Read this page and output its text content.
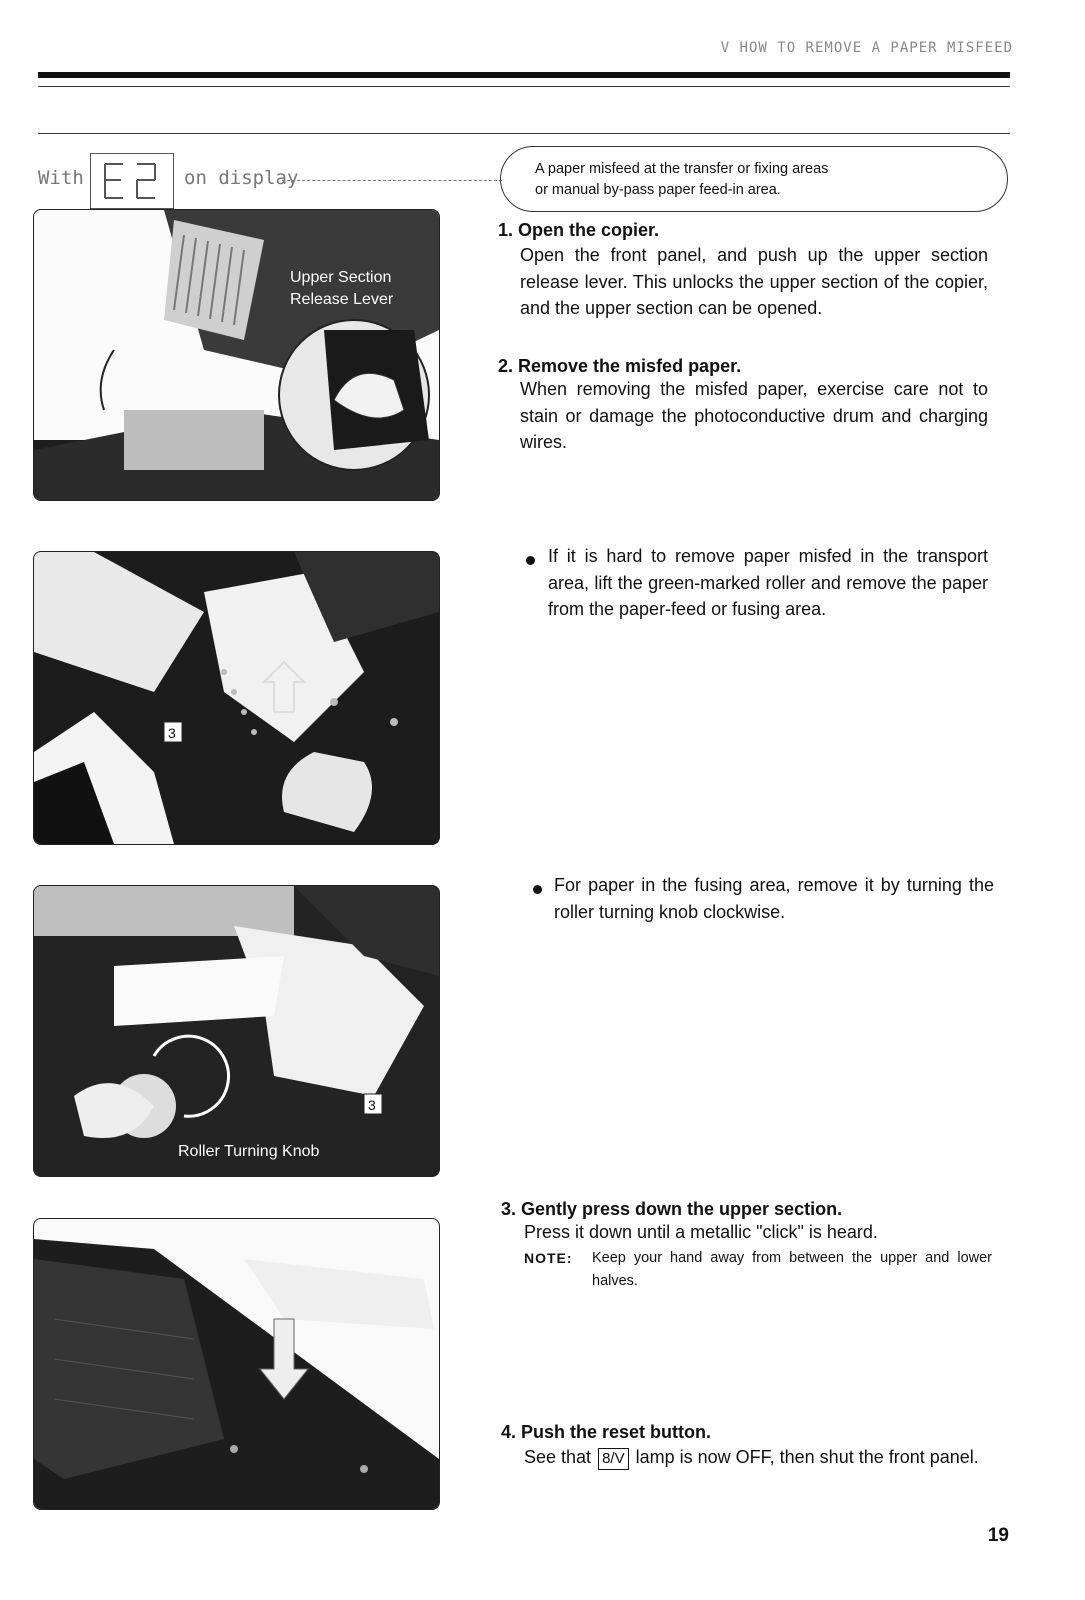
V HOW TO REMOVE A PAPER MISFEED
With	on display	A paper misfeed at the transfer or fixing areas
or manual by-pass paper feed-in area.
Upper Section
Release Lever
3
3
Roller Turning Knob
1. Open the copier.
Open the front panel, and push up the upper section release lever. This unlocks the upper section of the copier, and the upper section can be opened.
2. Remove the misfed paper.
When removing the misfed paper, exercise care not to stain or damage the photoconductive drum and charging wires.
If it is hard to remove paper misfed in the transport area, lift the green-marked roller and remove the paper from the paper-feed or fusing area.
For paper in the fusing area, remove it by turning the roller turning knob clockwise.
3. Gently press down the upper section.
Press it down until a metallic "click" is heard.
NOTE: Keep your hand away from between the upper and lower halves.
4. Push the reset button.
See that 8/V lamp is now OFF, then shut the front panel.
19
